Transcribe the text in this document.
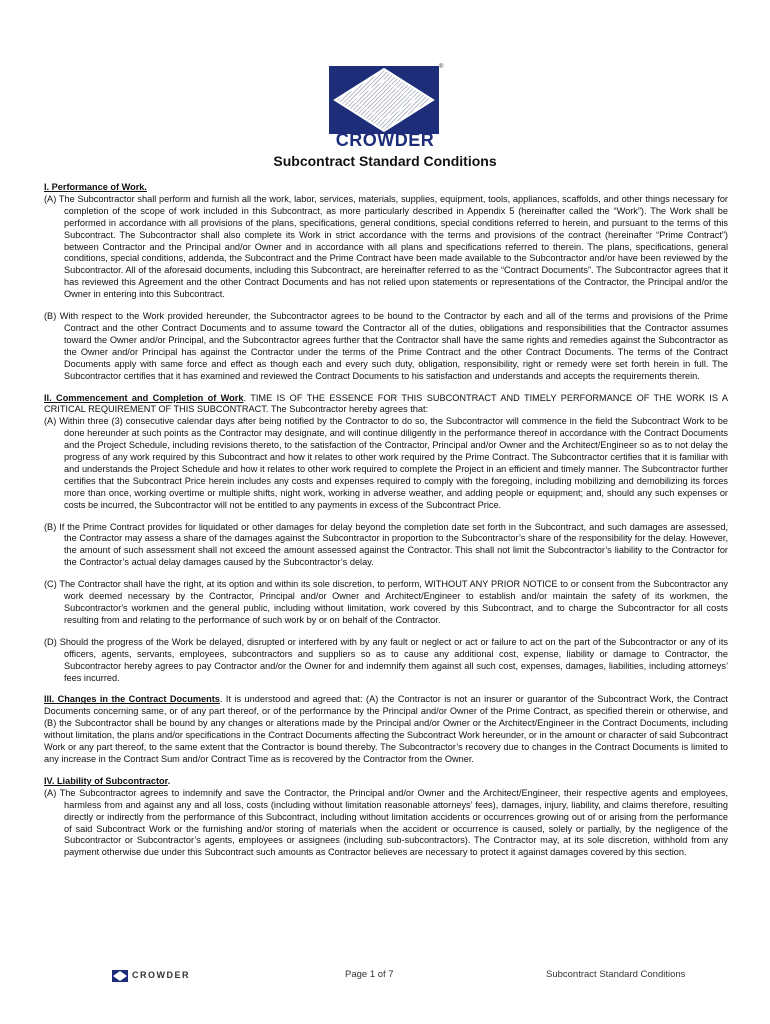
®
CROWDER
Subcontract Standard Conditions

I. Performance of Work.

(A) The Subcontractor shall perform and furnish all the work, labor, services, materials, supplies, equipment, tools, appliances, scaffolds, and other things necessary for completion of the scope of work included in this Subcontract, as more particularly described in Appendix 5 (hereinafter called the “Work”). The Work shall be performed in accordance with all provisions of the plans, specifications, general conditions, special conditions referred to herein, and pursuant to the terms of this Subcontract. The Subcontractor shall also complete its Work in strict accordance with the terms and provisions of the contract (hereinafter “Prime Contract”) between Contractor and the Principal and/or Owner and in accordance with all plans and specifications referred to therein. The plans, specifications, general conditions, special conditions, addenda, the Subcontract and the Prime Contract have been made available to the Subcontractor and/or have been reviewed by the Subcontractor. All of the aforesaid documents, including this Subcontract, are hereinafter referred to as the “Contract Documents”. The Subcontractor agrees that it has reviewed this Agreement and the other Contract Documents and has not relied upon statements or representations of the Contractor, the Principal and/or the Owner in entering into this Subcontract.

(B) With respect to the Work provided hereunder, the Subcontractor agrees to be bound to the Contractor by each and all of the terms and provisions of the Prime Contract and the other Contract Documents and to assume toward the Contractor all of the duties, obligations and responsibilities that the Contractor assumes toward the Owner and/or Principal, and the Subcontractor agrees further that the Contractor shall have the same rights and remedies against the Subcontractor as the Owner and/or Principal has against the Contractor under the terms of the Prime Contract and the other Contract Documents. The terms of the Contract Documents apply with same force and effect as though each and every such duty, obligation, responsibility, right or remedy were set forth herein in full. The Subcontractor certifies that it has examined and reviewed the Contract Documents to his satisfaction and understands and accepts the requirements therein.

II. Commencement and Completion of Work. TIME IS OF THE ESSENCE FOR THIS SUBCONTRACT AND TIMELY PERFORMANCE OF THE WORK IS A CRITICAL REQUIREMENT OF THIS SUBCONTRACT. The Subcontractor hereby agrees that:

(A) Within three (3) consecutive calendar days after being notified by the Contractor to do so, the Subcontractor will commence in the field the Subcontract Work to be done hereunder at such points as the Contractor may designate, and will continue diligently in the performance thereof in accordance with the Contract Documents and the Project Schedule, including revisions thereto, to the satisfaction of the Contractor, Principal and/or Owner and the Architect/Engineer so as to not delay the progress of any work required by this Subcontract and how it relates to other work required by the Prime Contract. The Subcontractor certifies that it is familiar with and understands the Project Schedule and how it relates to other work required to complete the Project in an efficient and timely manner. The Subcontractor further certifies that the Subcontract Price herein includes any costs and expenses required to comply with the foregoing, including mobilizing and demobilizing its forces more than once, working overtime or multiple shifts, night work, working in adverse weather, and adding people or equipment; and, should any such expenses or costs be incurred, the Subcontractor will not be entitled to any payments in excess of the Subcontract Price.

(B) If the Prime Contract provides for liquidated or other damages for delay beyond the completion date set forth in the Subcontract, and such damages are assessed, the Contractor may assess a share of the damages against the Subcontractor in proportion to the Subcontractor’s share of the responsibility for the delay. However, the amount of such assessment shall not exceed the amount assessed against the Contractor. This shall not limit the Subcontractor’s liability to the Contractor for the Contractor’s actual delay damages caused by the Subcontractor’s delay.

(C) The Contractor shall have the right, at its option and within its sole discretion, to perform, WITHOUT ANY PRIOR NOTICE to or consent from the Subcontractor any work deemed necessary by the Contractor, Principal and/or Owner and Architect/Engineer to establish and/or maintain the safety of its workmen, the Subcontractor's workmen and the general public, including without limitation, work covered by this Subcontract, and to charge the Subcontractor for all costs resulting from and relating to the performance of such work by or on behalf of the Contractor.

(D) Should the progress of the Work be delayed, disrupted or interfered with by any fault or neglect or act or failure to act on the part of the Subcontractor or any of its officers, agents, servants, employees, subcontractors and suppliers so as to cause any additional cost, expense, liability or damage to Contractor, the Subcontractor hereby agrees to pay Contractor and/or the Owner for and indemnify them against all such cost, expenses, damages, liabilities, including attorneys’ fees incurred.

III. Changes in the Contract Documents. It is understood and agreed that: (A) the Contractor is not an insurer or guarantor of the Subcontract Work, the Contract Documents concerning same, or of any part thereof, or of the performance by the Principal and/or Owner of the Prime Contract, as specified therein or otherwise, and (B) the Subcontractor shall be bound by any changes or alterations made by the Principal and/or Owner or the Architect/Engineer in the Contract Documents, including without limitation, the plans and/or specifications in the Contract Documents affecting the Subcontract Work hereunder, or in the amount or character of said Subcontract Work or any part thereof, to the same extent that the Contractor is bound thereby. The Subcontractor’s recovery due to changes in the Contract Documents is limited to any increase in the Contract Sum and/or Contract Time as is recovered by the Contractor from the Owner.

IV. Liability of Subcontractor.

(A) The Subcontractor agrees to indemnify and save the Contractor, the Principal and/or Owner and the Architect/Engineer, their respective agents and employees, harmless from and against any and all loss, costs (including without limitation reasonable attorneys’ fees), damages, injury, liability, and claims therefore, resulting directly or indirectly from the performance of this Subcontract, including without limitation accidents or occurrences growing out of or arising from the performance of said Subcontract Work or the furnishing and/or storing of materials when the accident or occurrence is caused, solely or partially, by the negligence of the Subcontractor or Subcontractor’s agents, employees or assignees (including sub-subcontractors). The Contractor may, at its sole discretion, withhold from any payment otherwise due under this Subcontract such amounts as Contractor believes are necessary to protect it against damages covered by this section.

CROWDER	Page 1 of 7	Subcontract Standard Conditions
